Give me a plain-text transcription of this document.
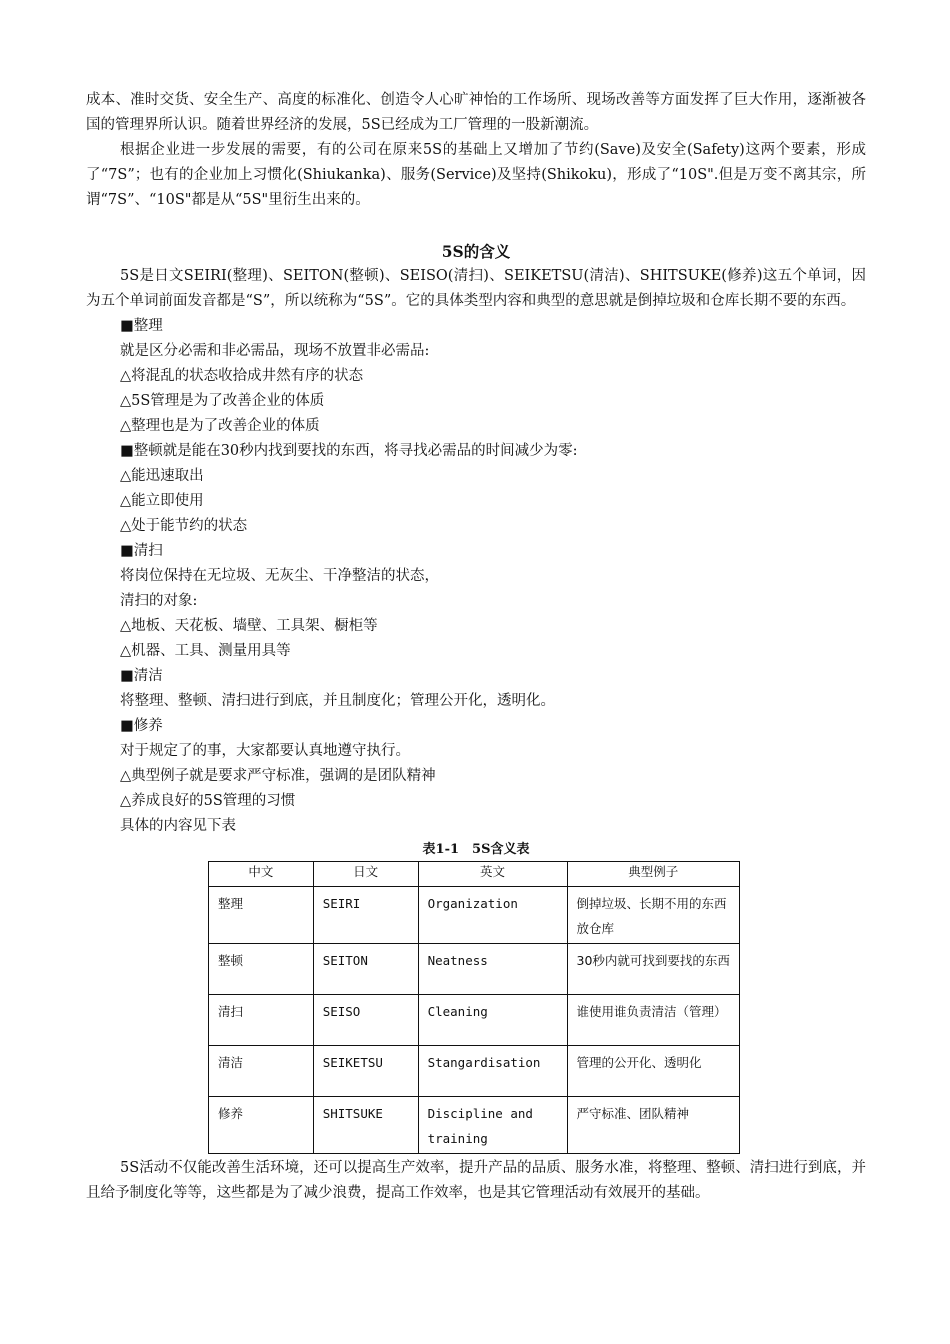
成本、准时交货、安全生产、高度的标准化、创造令人心旷神怡的工作场所、现场改善等方面发挥了巨大作用，逐渐被各国的管理界所认识。随着世界经济的发展，5S已经成为工厂管理的一股新潮流。

根据企业进一步发展的需要，有的公司在原来5S的基础上又增加了节约(Save)及安全(Safety)这两个要素，形成了“7S”；也有的企业加上习惯化(Shiukanka)、服务(Service)及坚持(Shikoku)，形成了“10S".但是万变不离其宗，所谓“7S”、“10S"都是从“5S"里衍生出来的。

5S的含义

5S是日文SEIRI(整理)、SEITON(整顿)、SEISO(清扫)、SEIKETSU(清洁)、SHITSUKE(修养)这五个单词，因为五个单词前面发音都是“S”，所以统称为“5S”。它的具体类型内容和典型的意思就是倒掉垃圾和仓库长期不要的东西。

■整理
就是区分必需和非必需品，现场不放置非必需品:
△将混乱的状态收拾成井然有序的状态
△5S管理是为了改善企业的体质
△整理也是为了改善企业的体质
■整顿就是能在30秒内找到要找的东西，将寻找必需品的时间减少为零:
△能迅速取出
△能立即使用
△处于能节约的状态
■清扫
将岗位保持在无垃圾、无灰尘、干净整洁的状态，
清扫的对象:
△地板、天花板、墙壁、工具架、橱柜等
△机器、工具、测量用具等
■清洁
将整理、整顿、清扫进行到底，并且制度化；管理公开化，透明化。
■修养
对于规定了的事，大家都要认真地遵守执行。
△典型例子就是要求严守标准，强调的是团队精神
△养成良好的5S管理的习惯
具体的内容见下表
表1-1　5S含义表
中文	日文	英文	典型例子
整理	SEIRI	Organization	倒掉垃圾、长期不用的东西放仓库
整顿	SEITON	Neatness	30秒内就可找到要找的东西
清扫	SEISO	Cleaning	谁使用谁负责清洁（管理）
清洁	SEIKETSU	Stangardisation	管理的公开化、透明化
修养	SHITSUKE	Discipline and training	严守标准、团队精神

5S活动不仅能改善生活环境，还可以提高生产效率，提升产品的品质、服务水准，将整理、整顿、清扫进行到底，并且给予制度化等等，这些都是为了减少浪费，提高工作效率，也是其它管理活动有效展开的基础。
